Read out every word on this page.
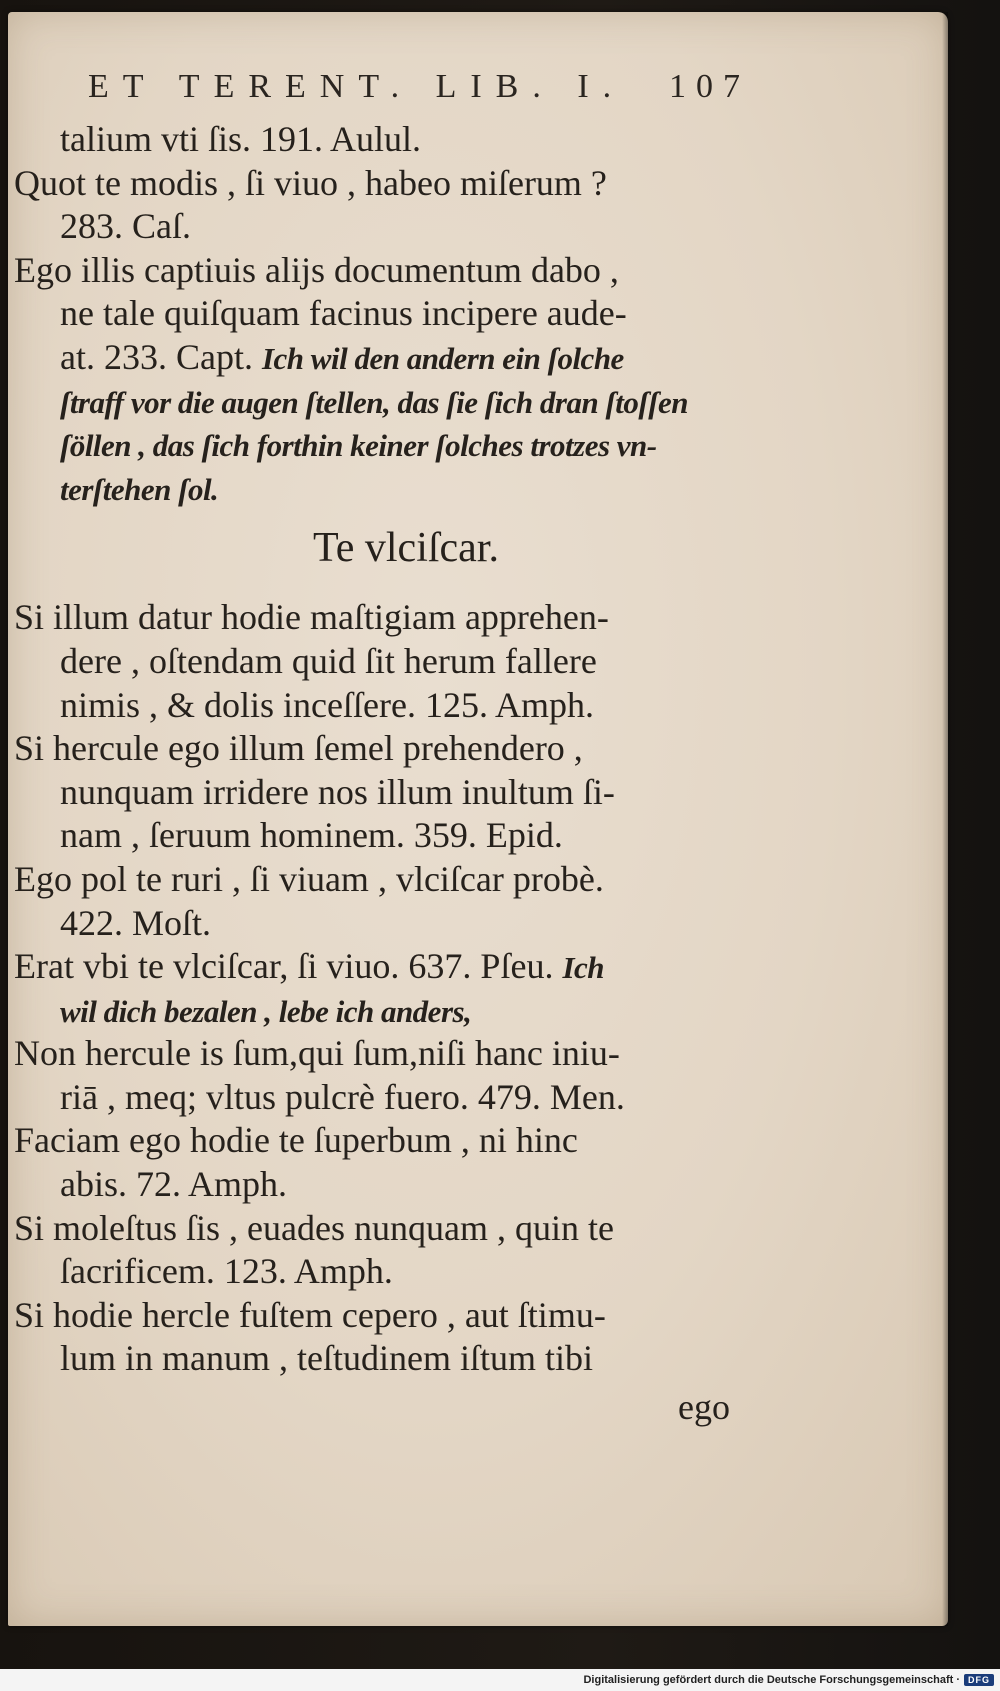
ET TERENT. LIB. I. 107
talium vti ſis. 191. Aulul.
Quot te modis , ſi viuo , habeo miſerum ?
283. Caſ.
Ego illis captiuis alijs documentum dabo ,
ne tale quiſquam facinus incipere aude-
at. 233. Capt. Ich wil den andern ein ſolche
ſtraff vor die augen ſtellen, das ſie ſich dran ſtoſſen
ſöllen , das ſich forthin keiner ſolches trotzes vn-
terſtehen ſol.
Te vlciſcar.
Si illum datur hodie maſtigiam apprehen-
dere , oſtendam quid ſit herum fallere
nimis , & dolis inceſſere. 125. Amph.
Si hercule ego illum ſemel prehendero ,
nunquam irridere nos illum inultum ſi-
nam , ſeruum hominem. 359. Epid.
Ego pol te ruri , ſi viuam , vlciſcar probè.
422. Moſt.
Erat vbi te vlciſcar, ſi viuo. 637. Pſeu. Ich
wil dich bezalen , lebe ich anders,
Non hercule is ſum,qui ſum,niſi hanc iniu-
riā , meq; vltus pulcrè fuero. 479. Men.
Faciam ego hodie te ſuperbum , ni hinc
abis. 72. Amph.
Si moleſtus ſis , euades nunquam , quin te
ſacrificem. 123. Amph.
Si hodie hercle fuſtem cepero , aut ſtimu-
lum in manum , teſtudinem iſtum tibi
ego
Digitalisierung gefördert durch die Deutsche Forschungsgemeinschaft · DFG
